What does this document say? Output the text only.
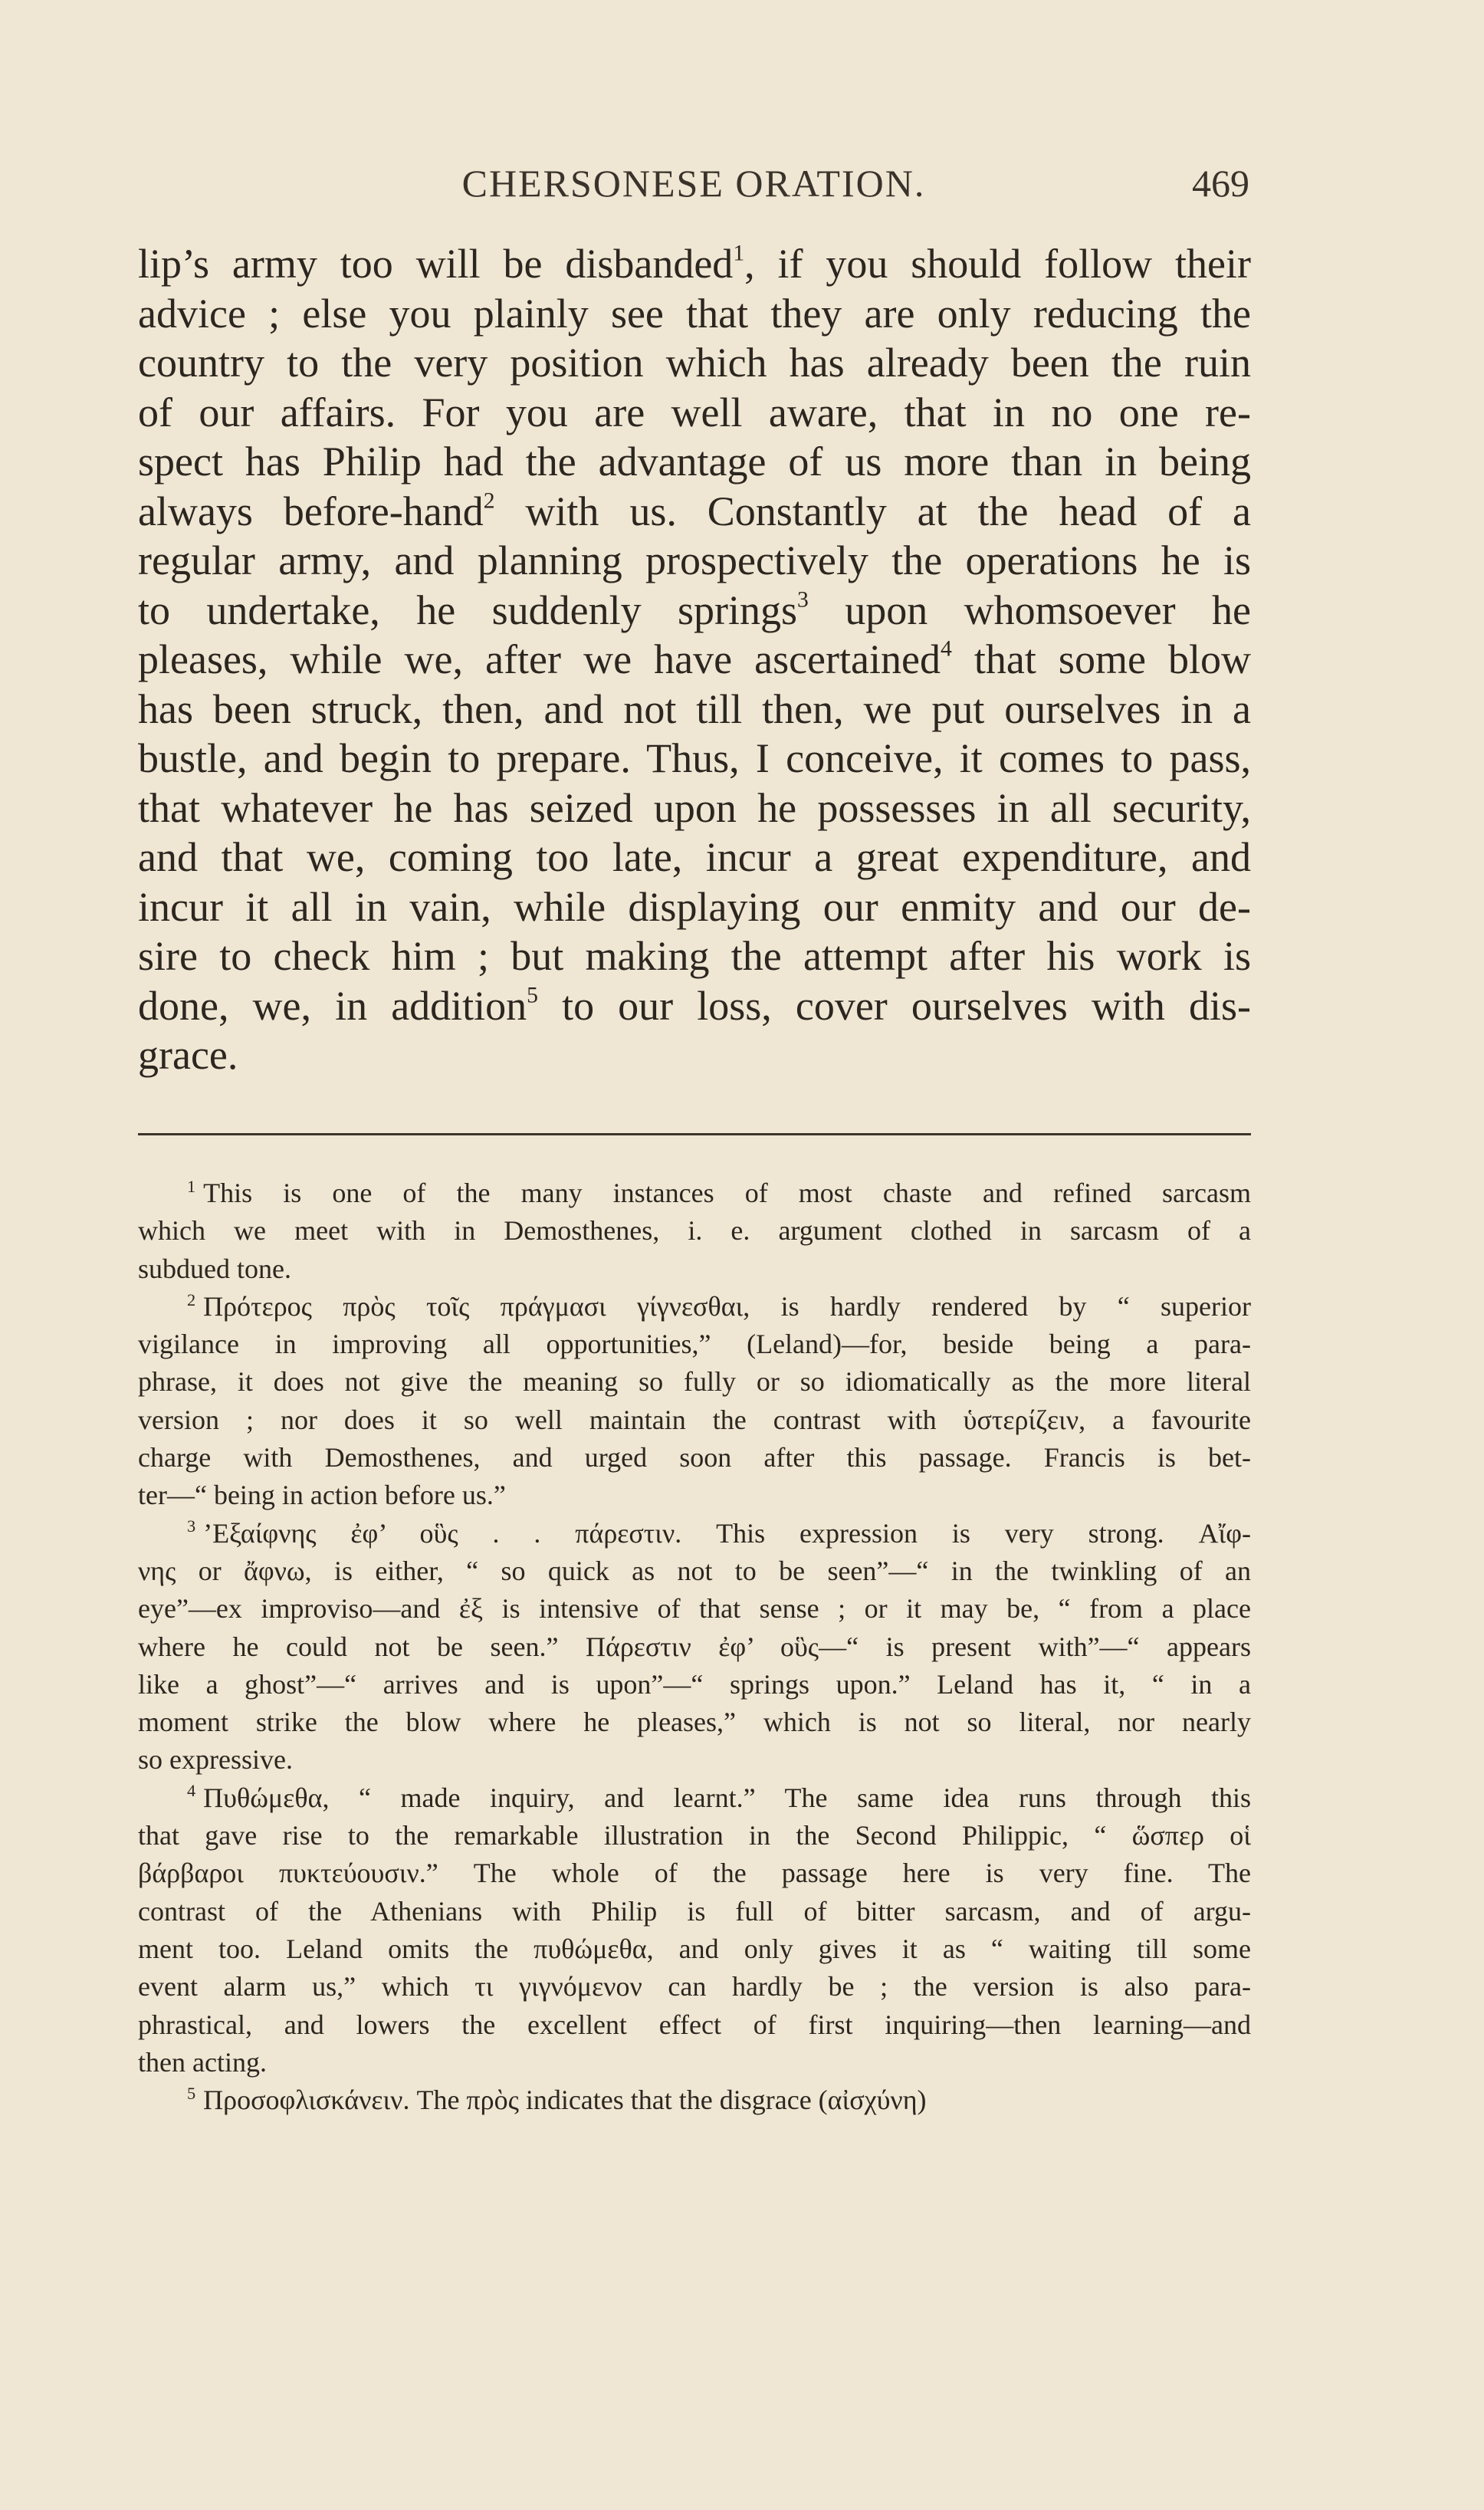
CHERSONESE ORATION.	469
lip’s army too will be disbanded$^1$, if you should follow their
advice ; else you plainly see that they are only reducing the
country to the very position which has already been the ruin
of our affairs. For you are well aware, that in no one re-
spect has Philip had the advantage of us more than in being
always before-hand$^2$ with us. Constantly at the head of a
regular army, and planning prospectively the operations he is
to undertake, he suddenly springs$^3$ upon whomsoever he
pleases, while we, after we have ascertained$^4$ that some blow
has been struck, then, and not till then, we put ourselves in a
bustle, and begin to prepare. Thus, I conceive, it comes to pass,
that whatever he has seized upon he possesses in all security,
and that we, coming too late, incur a great expenditure, and
incur it all in vain, while displaying our enmity and our de-
sire to check him ; but making the attempt after his work is
done, we, in addition$^5$ to our loss, cover ourselves with dis-
grace.
$^1$ This is one of the many instances of most chaste and refined sarcasm
which we meet with in Demosthenes, i. e. argument clothed in sarcasm of a
subdued tone.
$^2$ Πρότερος πρὸς τοῖς πράγμασι γίγνεσθαι, is hardly rendered by “ superior
vigilance in improving all opportunities,” (Leland)—for, beside being a para-
phrase, it does not give the meaning so fully or so idiomatically as the more literal
version ; nor does it so well maintain the contrast with ὑστερίζειν, a favourite
charge with Demosthenes, and urged soon after this passage. Francis is bet-
ter—“ being in action before us.”
$^3$ ’Εξαίφνης ἐφ’ οὓς . . πάρεστιν. This expression is very strong. Αἴφ-
νης or ἄφνω, is either, “ so quick as not to be seen”—“ in the twinkling of an
eye”—ex improviso—and ἐξ is intensive of that sense ; or it may be, “ from a place
where he could not be seen.” Πάρεστιν ἐφ’ οὓς—“ is present with”—“ appears
like a ghost”—“ arrives and is upon”—“ springs upon.” Leland has it, “ in a
moment strike the blow where he pleases,” which is not so literal, nor nearly
so expressive.
$^4$ Πυθώμεθα, “ made inquiry, and learnt.” The same idea runs through this
that gave rise to the remarkable illustration in the Second Philippic, “ ὥσπερ οἱ
βάρβαροι πυκτεύουσιν.” The whole of the passage here is very fine. The
contrast of the Athenians with Philip is full of bitter sarcasm, and of argu-
ment too. Leland omits the πυθώμεθα, and only gives it as “ waiting till some
event alarm us,” which τι γιγνόμενον can hardly be ; the version is also para-
phrastical, and lowers the excellent effect of first inquiring—then learning—and
then acting.
$^5$ Προσοφλισκάνειν. The πρὸς indicates that the disgrace (αἰσχύνη)
